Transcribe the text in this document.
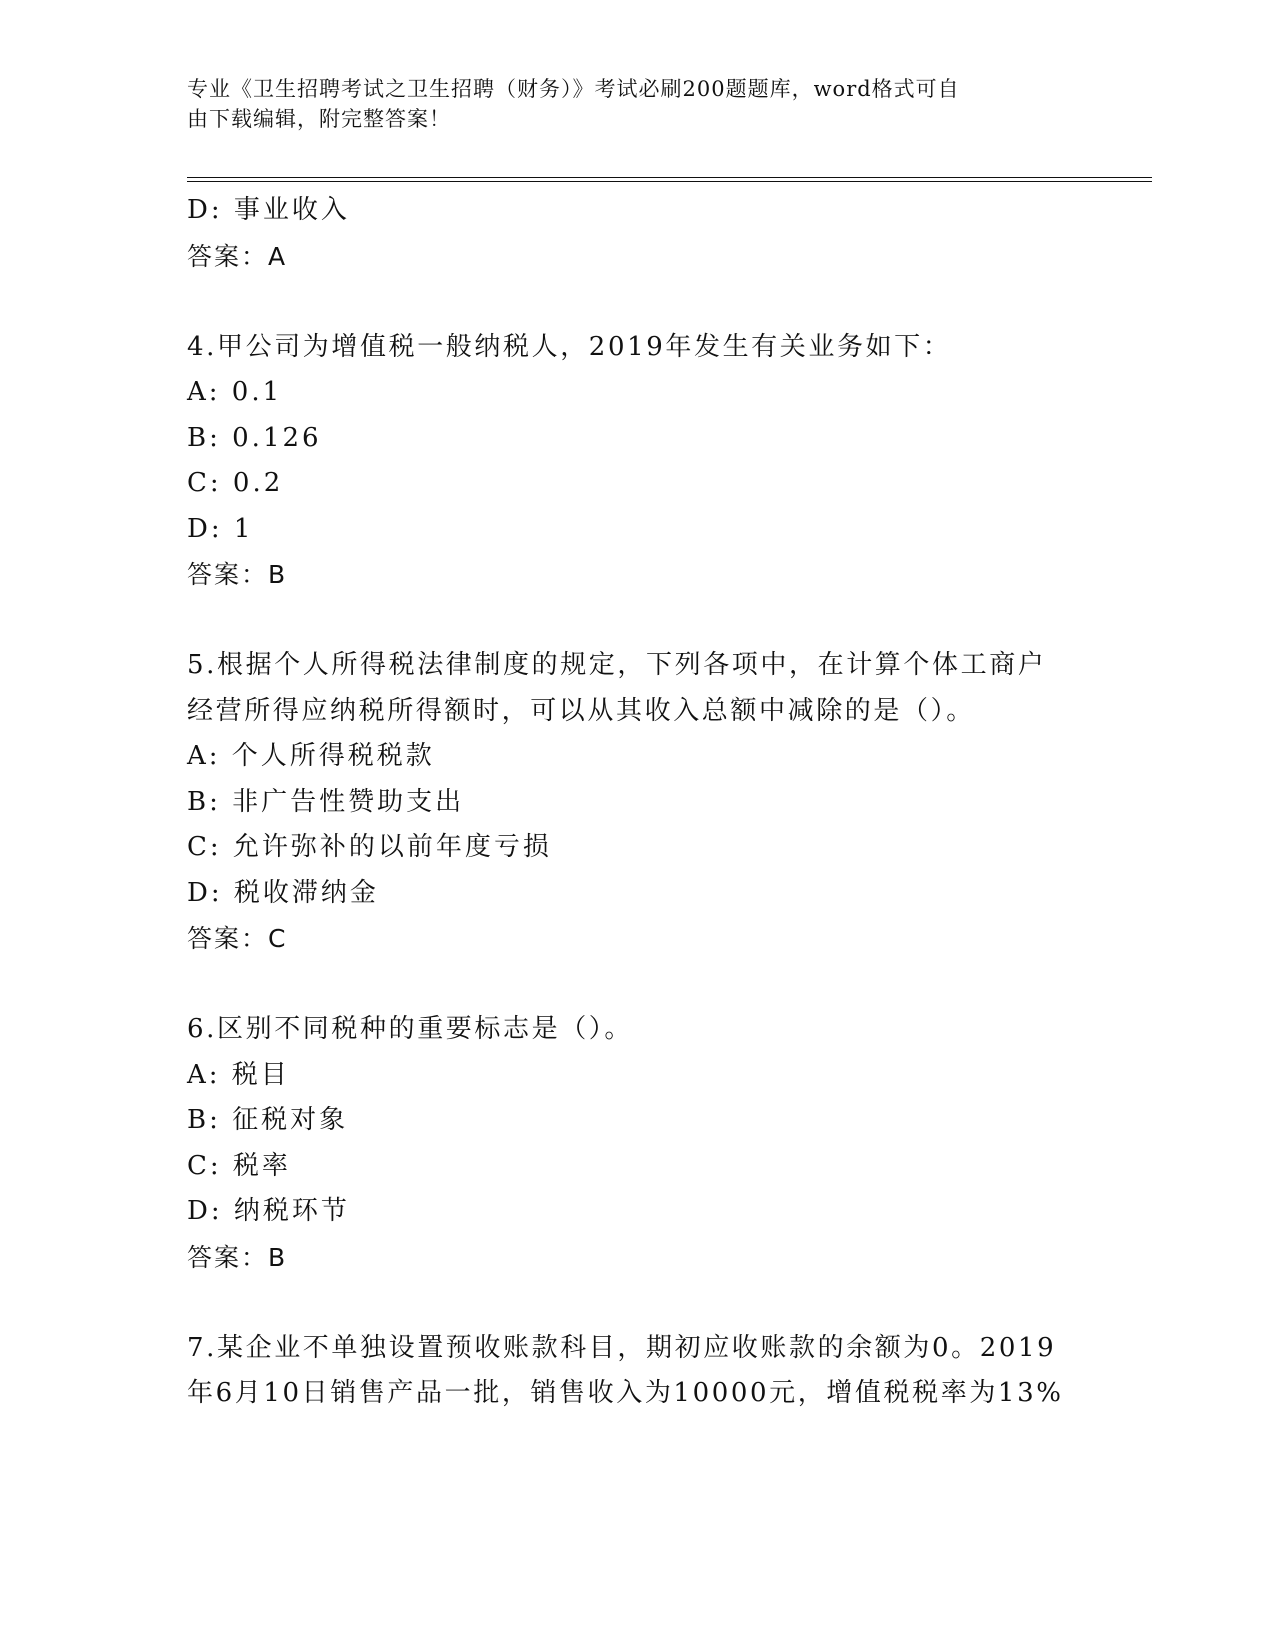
专业《卫生招聘考试之卫生招聘（财务）》考试必刷200题题库，word格式可自
由下载编辑，附完整答案！
D: 事业收入
答案：A
4.甲公司为增值税一般纳税人，2019年发生有关业务如下：
A: 0.1
B: 0.126
C: 0.2
D: 1
答案：B
5.根据个人所得税法律制度的规定，下列各项中，在计算个体工商户
经营所得应纳税所得额时，可以从其收入总额中减除的是（）。
A: 个人所得税税款
B: 非广告性赞助支出
C: 允许弥补的以前年度亏损
D: 税收滞纳金
答案：C
6.区别不同税种的重要标志是（）。
A: 税目
B: 征税对象
C: 税率
D: 纳税环节
答案：B
7.某企业不单独设置预收账款科目，期初应收账款的余额为0。2019
年6月10日销售产品一批，销售收入为10000元，增值税税率为13%
